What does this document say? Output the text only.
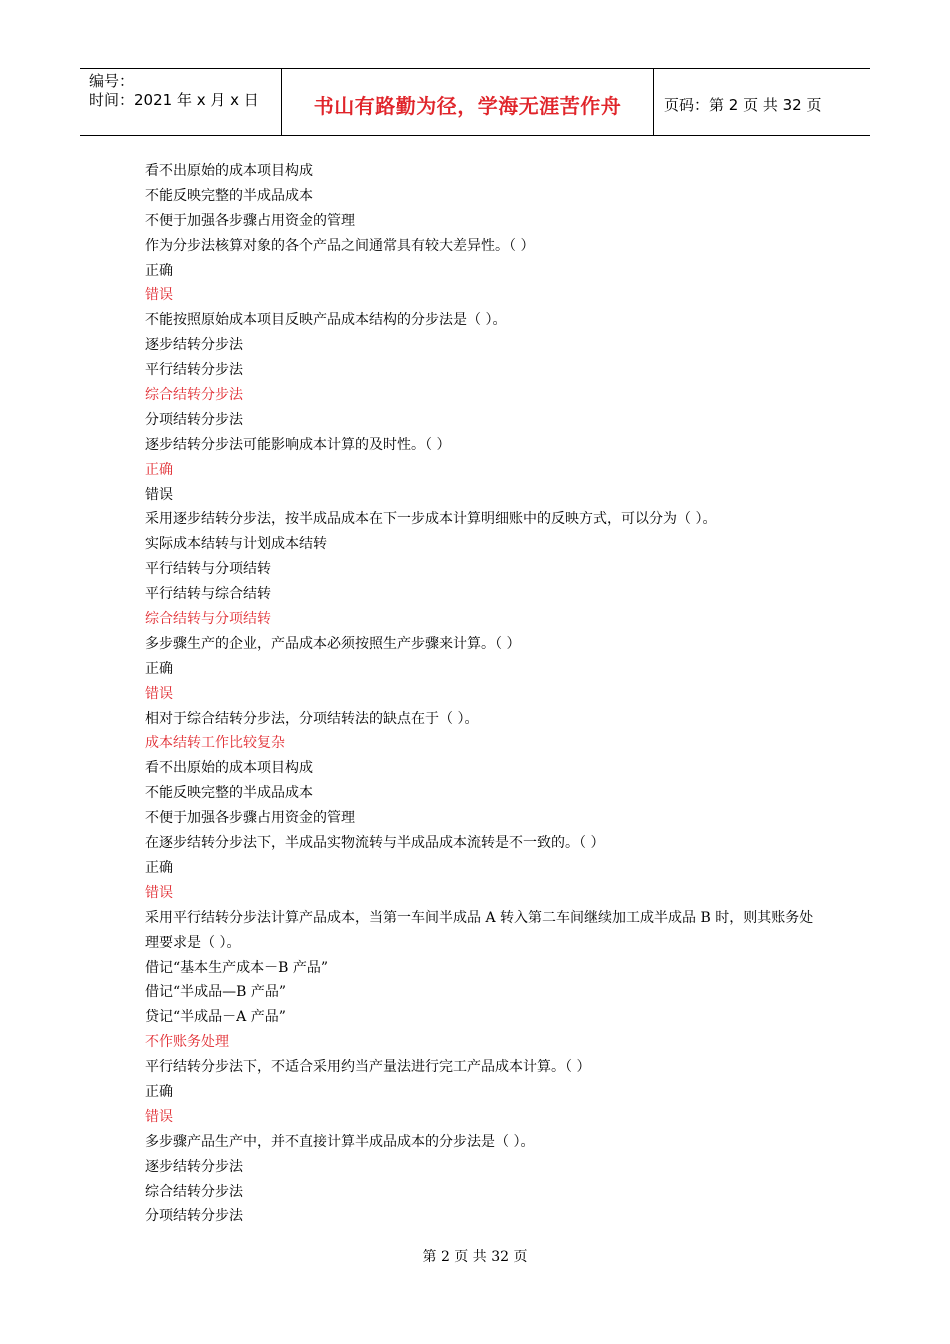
编号：
时间：2021 年 x 月 x 日	书山有路勤为径，学海无涯苦作舟	页码：第 2 页 共 32 页
看不出原始的成本项目构成
不能反映完整的半成品成本
不便于加强各步骤占用资金的管理
作为分步法核算对象的各个产品之间通常具有较大差异性。（ ）
正确
错误
不能按照原始成本项目反映产品成本结构的分步法是（ ）。
逐步结转分步法
平行结转分步法
综合结转分步法
分项结转分步法
逐步结转分步法可能影响成本计算的及时性。（ ）
正确
错误
采用逐步结转分步法，按半成品成本在下一步成本计算明细账中的反映方式，可以分为（ ）。
实际成本结转与计划成本结转
平行结转与分项结转
平行结转与综合结转
综合结转与分项结转
多步骤生产的企业，产品成本必须按照生产步骤来计算。（ ）
正确
错误
相对于综合结转分步法，分项结转法的缺点在于（ ）。
成本结转工作比较复杂
看不出原始的成本项目构成
不能反映完整的半成品成本
不便于加强各步骤占用资金的管理
在逐步结转分步法下，半成品实物流转与半成品成本流转是不一致的。（ ）
正确
错误
采用平行结转分步法计算产品成本，当第一车间半成品 A 转入第二车间继续加工成半成品 B 时，则其账务处理要求是（ ）。
借记“基本生产成本－B 产品”
借记“半成品—B 产品”
贷记“半成品－A 产品”
不作账务处理
平行结转分步法下，不适合采用约当产量法进行完工产品成本计算。（ ）
正确
错误
多步骤产品生产中，并不直接计算半成品成本的分步法是（ ）。
逐步结转分步法
综合结转分步法
分项结转分步法
第 2 页 共 32 页
